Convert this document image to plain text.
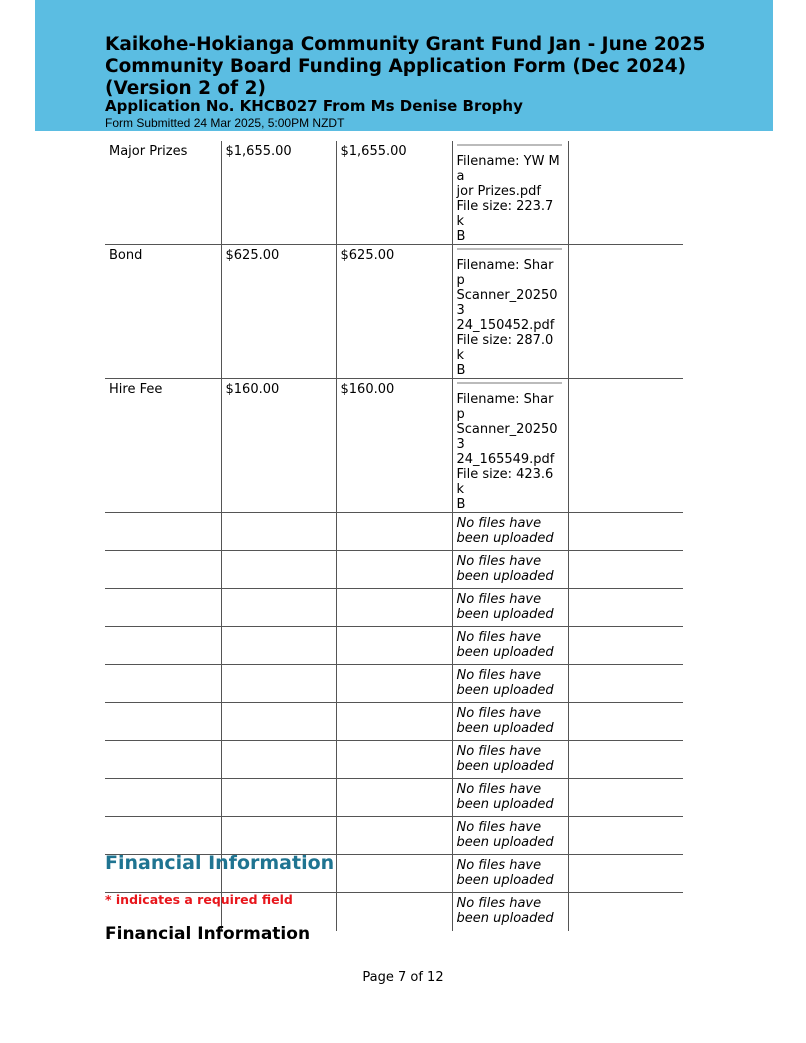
Kaikohe-Hokianga Community Grant Fund Jan - June 2025 Community Board Funding Application Form (Dec 2024) (Version 2 of 2)
Application No. KHCB027 From Ms Denise Brophy

Form Submitted 24 Mar 2025, 5:00PM NZDT

Major Prizes	$1,655.00	$1,655.00	Filename: YW Ma
jor Prizes.pdf
File size: 223.7 k
B	

Bond	$625.00	$625.00	Filename: Sharp
Scanner_202503
24_150452.pdf
File size: 287.0 k
B	

Hire Fee	$160.00	$160.00	Filename: Sharp
Scanner_202503
24_165549.pdf
File size: 423.6 k
B	

			No files have
been uploaded	

			No files have
been uploaded	

			No files have
been uploaded	

			No files have
been uploaded	

			No files have
been uploaded	

			No files have
been uploaded	

			No files have
been uploaded	

			No files have
been uploaded	

			No files have
been uploaded	

			No files have
been uploaded	

			No files have
been uploaded	

Financial Information

* indicates a required field

Financial Information
Page 7 of 12
